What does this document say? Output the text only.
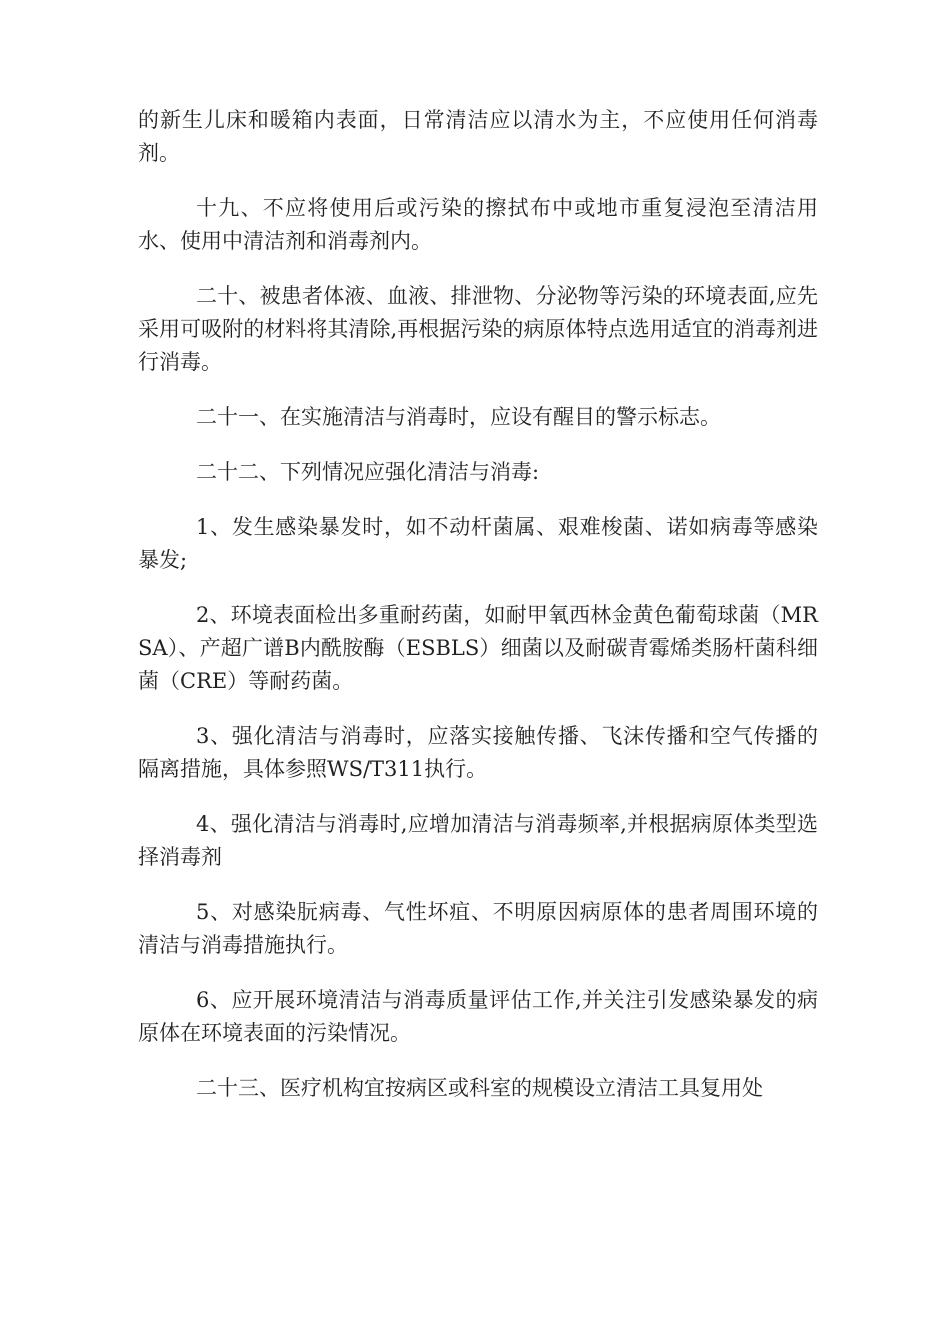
的新生儿床和暖箱内表面，日常清洁应以清水为主，不应使用任何消毒剂。

十九、不应将使用后或污染的擦拭布中或地市重复浸泡至清洁用水、使用中清洁剂和消毒剂内。

二十、被患者体液、血液、排泄物、分泌物等污染的环境表面,应先采用可吸附的材料将其清除,再根据污染的病原体特点选用适宜的消毒剂进行消毒。

二十一、在实施清洁与消毒时，应设有醒目的警示标志。

二十二、下列情况应强化清洁与消毒:

1、发生感染暴发时，如不动杆菌属、艰难梭菌、诺如病毒等感染暴发;

2、环境表面检出多重耐药菌，如耐甲氧西林金黄色葡萄球菌（MRSA）、产超广谱B内酰胺酶（ESBLS）细菌以及耐碳青霉烯类肠杆菌科细菌（CRE）等耐药菌。

3、强化清洁与消毒时，应落实接触传播、飞沫传播和空气传播的隔离措施，具体参照WS/T311执行。

4、强化清洁与消毒时,应增加清洁与消毒频率,并根据病原体类型选择消毒剂

5、对感染朊病毒、气性坏疽、不明原因病原体的患者周围环境的清洁与消毒措施执行。

6、应开展环境清洁与消毒质量评估工作,并关注引发感染暴发的病原体在环境表面的污染情况。

二十三、医疗机构宜按病区或科室的规模设立清洁工具复用处
